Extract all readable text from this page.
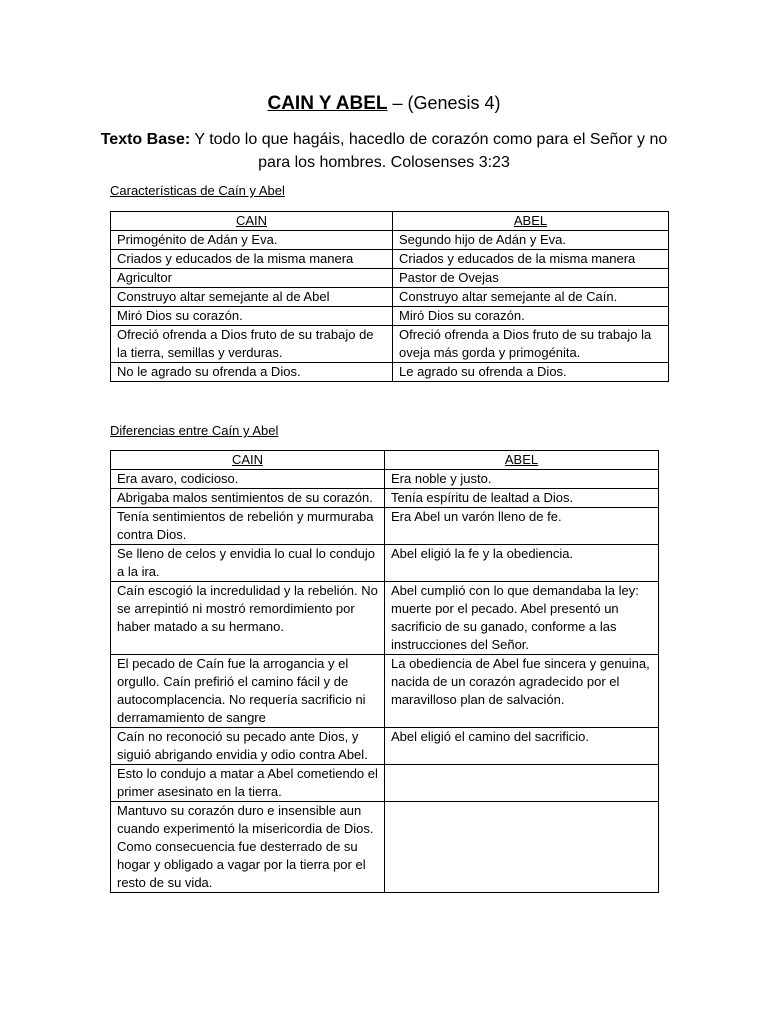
CAIN Y ABEL – (Genesis 4)
Texto Base: Y todo lo que hagáis, hacedlo de corazón como para el Señor y no para los hombres. Colosenses 3:23
Características de Caín y Abel
CAIN	ABEL
Primogénito de Adán y Eva.	Segundo hijo de Adán y Eva.
Criados y educados de la misma manera	Criados y educados de la misma manera
Agricultor	Pastor de Ovejas
Construyo altar semejante al de Abel	Construyo altar semejante al de Caín.
Miró Dios su corazón.	Miró Dios su corazón.
Ofreció ofrenda a Dios fruto de su trabajo de la tierra, semillas y verduras.	Ofreció ofrenda a Dios fruto de su trabajo la oveja más gorda y primogénita.
No le agrado su ofrenda a Dios.	Le agrado su ofrenda a Dios.
Diferencias entre Caín y Abel
CAIN	ABEL
Era avaro, codicioso.	Era noble y justo.
Abrigaba malos sentimientos de su corazón.	Tenía espíritu de lealtad a Dios.
Tenía sentimientos de rebelión y murmuraba contra Dios.	Era Abel un varón lleno de fe.
Se lleno de celos y envidia lo cual lo condujo a la ira.	Abel eligió la fe y la obediencia.
Caín escogió la incredulidad y la rebelión. No se arrepintió ni mostró remordimiento por haber matado a su hermano.	Abel cumplió con lo que demandaba la ley: muerte por el pecado. Abel presentó un sacrificio de su ganado, conforme a las instrucciones del Señor.
El pecado de Caín fue la arrogancia y el orgullo. Caín prefirió el camino fácil y de autocomplacencia. No requería sacrificio ni derramamiento de sangre	La obediencia de Abel fue sincera y genuina, nacida de un corazón agradecido por el maravilloso plan de salvación.
Caín no reconoció su pecado ante Dios, y siguió abrigando envidia y odio contra Abel.	Abel eligió el camino del sacrificio.
Esto lo condujo a matar a Abel cometiendo el primer asesinato en la tierra.	
Mantuvo su corazón duro e insensible aun cuando experimentó la misericordia de Dios. Como consecuencia fue desterrado de su hogar y obligado a vagar por la tierra por el resto de su vida.	
